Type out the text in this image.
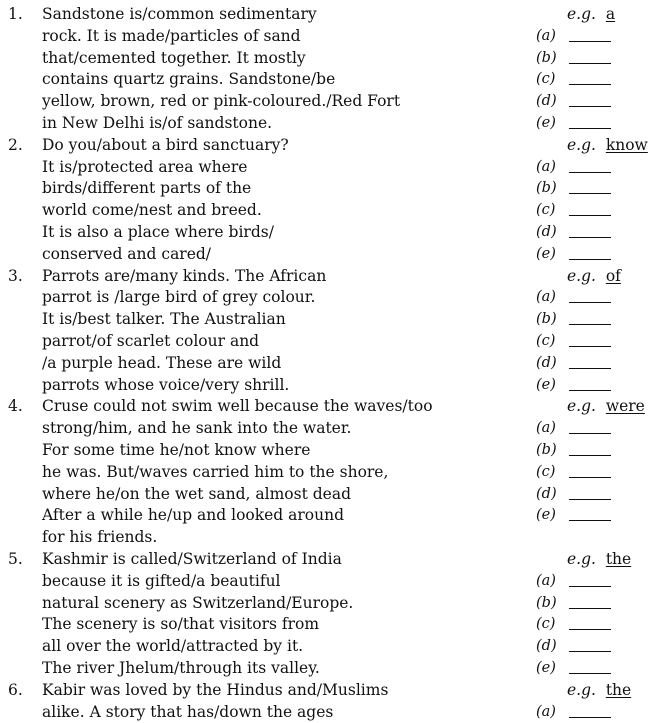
1. Sandstone is/common sedimentary	e.g. a
rock. It is made/particles of sand	(a)
that/cemented together. It mostly	(b)
contains quartz grains. Sandstone/be	(c)
yellow, brown, red or pink-coloured./Red Fort	(d)
in New Delhi is/of sandstone.	(e)
2. Do you/about a bird sanctuary?	e.g. know
It is/protected area where	(a)
birds/different parts of the	(b)
world come/nest and breed.	(c)
It is also a place where birds/	(d)
conserved and cared/	(e)
3. Parrots are/many kinds. The African	e.g. of
parrot is /large bird of grey colour.	(a)
It is/best talker. The Australian	(b)
parrot/of scarlet colour and	(c)
/a purple head. These are wild	(d)
parrots whose voice/very shrill.	(e)
4. Cruse could not swim well because the waves/too	e.g. were
strong/him, and he sank into the water.	(a)
For some time he/not know where	(b)
he was. But/waves carried him to the shore,	(c)
where he/on the wet sand, almost dead	(d)
After a while he/up and looked around	(e)
for his friends.
5. Kashmir is called/Switzerland of India	e.g. the
because it is gifted/a beautiful	(a)
natural scenery as Switzerland/Europe.	(b)
The scenery is so/that visitors from	(c)
all over the world/attracted by it.	(d)
The river Jhelum/through its valley.	(e)
6. Kabir was loved by the Hindus and/Muslims	e.g. the
alike. A story that has/down the ages	(a)
